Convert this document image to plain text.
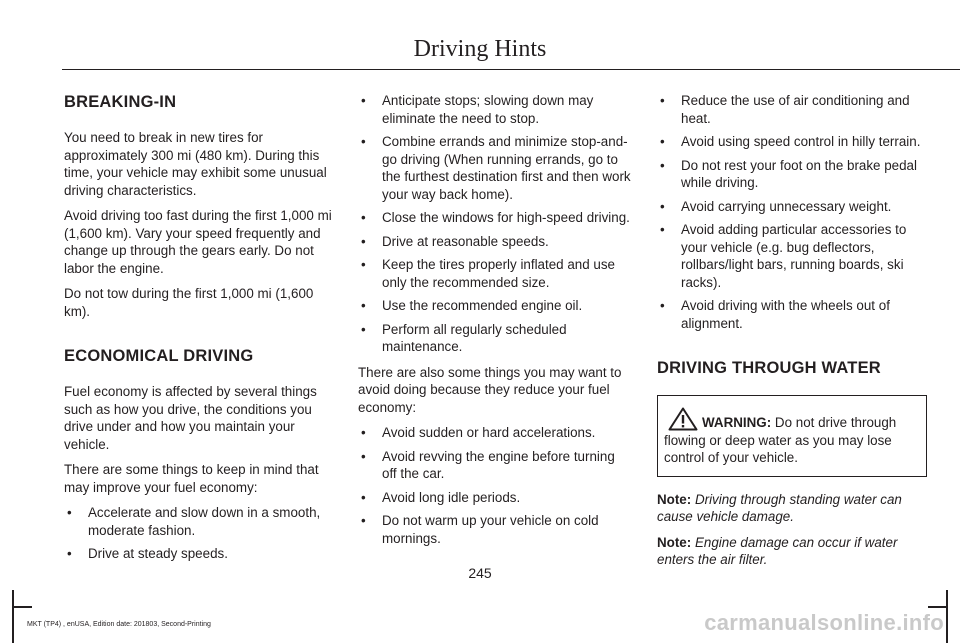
Driving Hints
BREAKING-IN

You need to break in new tires for approximately 300 mi (480 km). During this time, your vehicle may exhibit some unusual driving characteristics.

Avoid driving too fast during the first 1,000 mi (1,600 km). Vary your speed frequently and change up through the gears early. Do not labor the engine.

Do not tow during the first 1,000 mi (1,600 km).

ECONOMICAL DRIVING

Fuel economy is affected by several things such as how you drive, the conditions you drive under and how you maintain your vehicle.

There are some things to keep in mind that may improve your fuel economy:

• Accelerate and slow down in a smooth, moderate fashion.
• Drive at steady speeds.
• Anticipate stops; slowing down may eliminate the need to stop.
• Combine errands and minimize stop-and-go driving (When running errands, go to the furthest destination first and then work your way back home).
• Close the windows for high-speed driving.
• Drive at reasonable speeds.
• Keep the tires properly inflated and use only the recommended size.
• Use the recommended engine oil.
• Perform all regularly scheduled maintenance.

There are also some things you may want to avoid doing because they reduce your fuel economy:

• Avoid sudden or hard accelerations.
• Avoid revving the engine before turning off the car.
• Avoid long idle periods.
• Do not warm up your vehicle on cold mornings.
• Reduce the use of air conditioning and heat.
• Avoid using speed control in hilly terrain.
• Do not rest your foot on the brake pedal while driving.
• Avoid carrying unnecessary weight.
• Avoid adding particular accessories to your vehicle (e.g. bug deflectors, rollbars/light bars, running boards, ski racks).
• Avoid driving with the wheels out of alignment.
DRIVING THROUGH WATER
WARNING: Do not drive through flowing or deep water as you may lose control of your vehicle.

Note: Driving through standing water can cause vehicle damage.

Note: Engine damage can occur if water enters the air filter.

245
MKT (TP4) , enUSA, Edition date: 201803, Second-Printing	carmanualsonline.info
